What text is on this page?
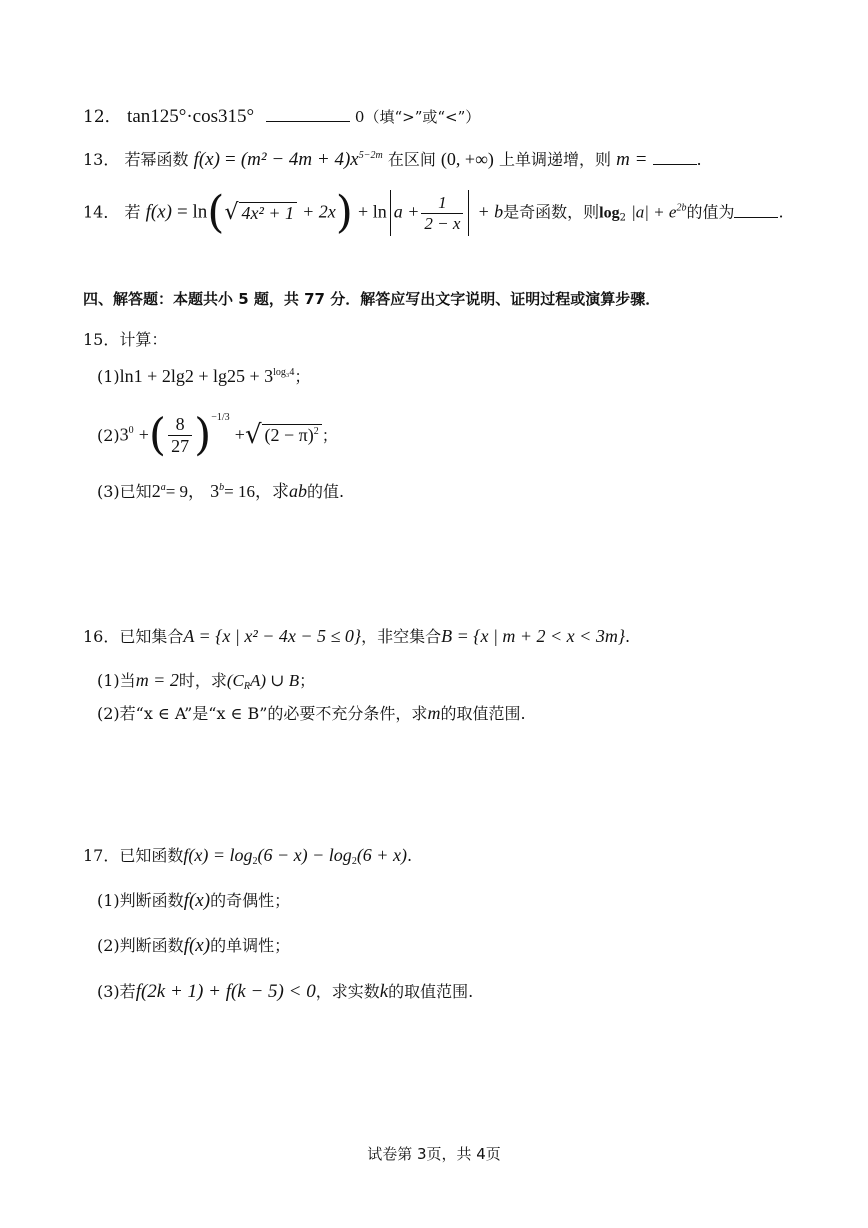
12． tan125°·cos315°	0（填“>”或“<”）
13． 若幂函数 $f(x) = (m^2 - 4m + 4)x^{5-2m}$ 在区间 (0, +∞) 上单调递增，则 m =	.
14． 若 f(x) = ln(√ $4x^2 + 1 + 2x) + \ln a + \frac{1}{2 - x} + b$是奇函数，则$\log_2 |a| + e^{2b}$的值为	.
四、解答题：本题共小 5 题，共 77 分．解答应写出文字说明、证明过程或演算步骤．
15．计算：
$(1)\ln 1 + 2\lg 2 + \lg 25 + 3^{log_34}$；
$(2)3^0$ +( $\frac{8}{27} )^{-1/3}$ +√ $(2 - \pi)^2$ ；
(3)已知$2^a= 9$， $3^b= 16$，求ab的值.
16．已知集合A = {x | x² − 4x − 5 ≤ 0}，非空集合B = {x | m + 2 < x < 3m}.
(1)当m = 2时，求$(C_RA)$ ∪ B；
(2)若“x ∈ A”是“x ∈ B”的必要不充分条件，求m的取值范围.
17．已知函数$f(x) = \log_2(6 - x) - \log_2(6 + x)$.
(1)判断函数f(x)的奇偶性；
(2)判断函数f(x)的单调性；
(3)若f(2k + 1) + f(k − 5) < 0，求实数k的取值范围.
试卷第 3页，共 4页
